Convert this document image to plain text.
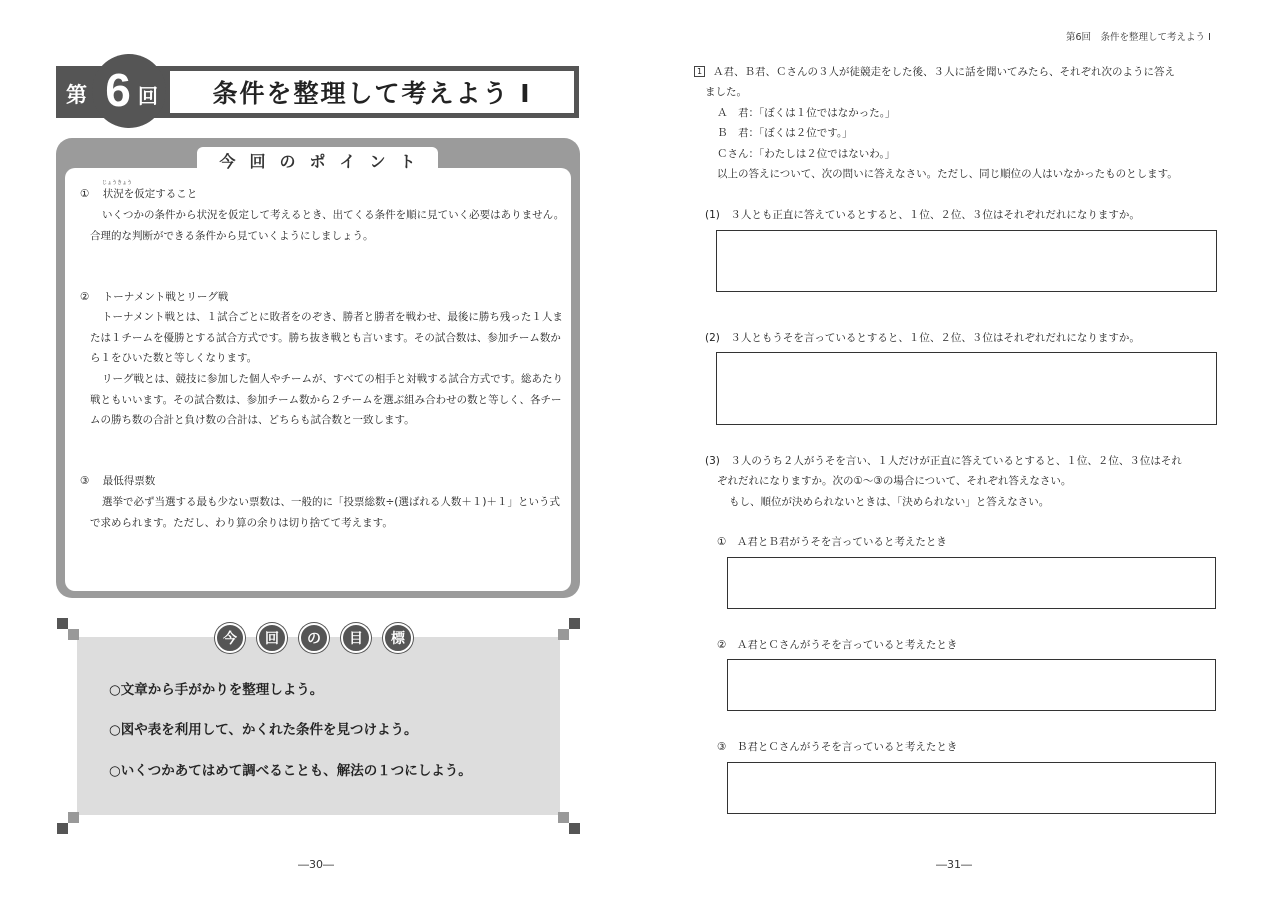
第 6 回 条件を整理して考えよう Ⅰ
今回のポイント
① 状況を仮定すること
じょうきょう
いくつかの条件から状況を仮定して考えるとき、出てくる条件を順に見ていく必要はありません。合理的な判断ができる条件から見ていくようにしましょう。
② トーナメント戦とリーグ戦
トーナメント戦とは、１試合ごとに敗者をのぞき、勝者と勝者を戦わせ、最後に勝ち残った１人または１チームを優勝とする試合方式です。勝ち抜き戦とも言います。その試合数は、参加チーム数から１をひいた数と等しくなります。
リーグ戦とは、競技に参加した個人やチームが、すべての相手と対戦する試合方式です。総あたり戦ともいいます。その試合数は、参加チーム数から２チームを選ぶ組み合わせの数と等しく、各チームの勝ち数の合計と負け数の合計は、どちらも試合数と一致します。
③ 最低得票数
選挙で必ず当選する最も少ない票数は、一般的に「投票総数÷(選ばれる人数＋１)＋１」という式で求められます。ただし、わり算の余りは切り捨てて考えます。
今	回	の	目	標
○文章から手がかりを整理しよう。
○図や表を利用して、かくれた条件を見つけよう。
○いくつかあてはめて調べることも、解法の１つにしよう。
―30―
第6回　条件を整理して考えよう Ⅰ
1 Ａ君、Ｂ君、Ｃさんの３人が徒競走をした後、３人に話を聞いてみたら、それぞれ次のように答え
ました。
Ａ　君：「ぼくは１位ではなかった。」
Ｂ　君：「ぼくは２位です。」
Ｃさん：「わたしは２位ではないわ。」
以上の答えについて、次の問いに答えなさい。ただし、同じ順位の人はいなかったものとします。
(1)　３人とも正直に答えているとすると、１位、２位、３位はそれぞれだれになりますか。
(2)　３人ともうそを言っているとすると、１位、２位、３位はそれぞれだれになりますか。
(3)　３人のうち２人がうそを言い、１人だけが正直に答えているとすると、１位、２位、３位はそれ
ぞれだれになりますか。次の①～③の場合について、それぞれ答えなさい。
もし、順位が決められないときは、「決められない」と答えなさい。
①　Ａ君とＢ君がうそを言っていると考えたとき
②　Ａ君とＣさんがうそを言っていると考えたとき
③　Ｂ君とＣさんがうそを言っていると考えたとき
―31―
